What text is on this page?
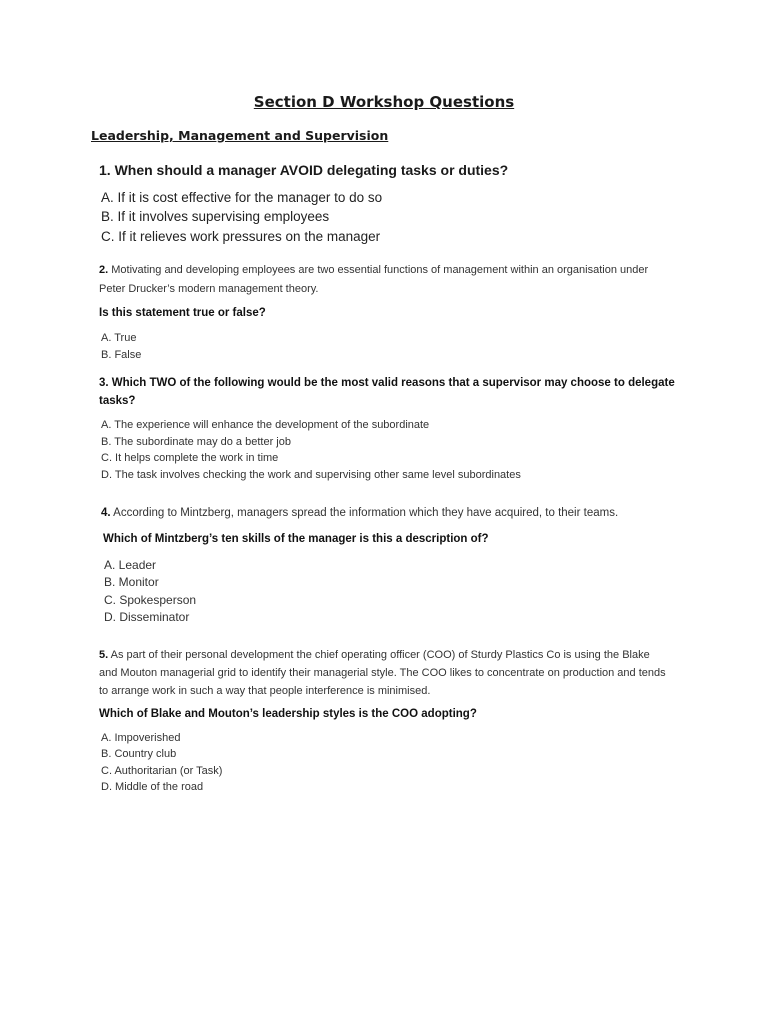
Section D Workshop Questions
Leadership, Management and Supervision

1. When should a manager AVOID delegating tasks or duties?

A. If it is cost effective for the manager to do so

B. If it involves supervising employees

C. If it relieves work pressures on the manager

2. Motivating and developing employees are two essential functions of management within an organisation under Peter Drucker’s modern management theory.

Is this statement true or false?

A. True

B. False

3. Which TWO of the following would be the most valid reasons that a supervisor may choose to delegate

tasks?

A. The experience will enhance the development of the subordinate

B. The subordinate may do a better job

C. It helps complete the work in time

D. The task involves checking the work and supervising other same level subordinates

4. According to Mintzberg, managers spread the information which they have acquired, to their teams.

Which of Mintzberg’s ten skills of the manager is this a description of?

A. Leader

B. Monitor

C. Spokesperson

D. Disseminator

5. As part of their personal development the chief operating officer (COO) of Sturdy Plastics Co is using the Blake and Mouton managerial grid to identify their managerial style. The COO likes to concentrate on production and tends to arrange work in such a way that people interference is minimised.

Which of Blake and Mouton’s leadership styles is the COO adopting?

A. Impoverished

B. Country club

C. Authoritarian (or Task)

D. Middle of the road
